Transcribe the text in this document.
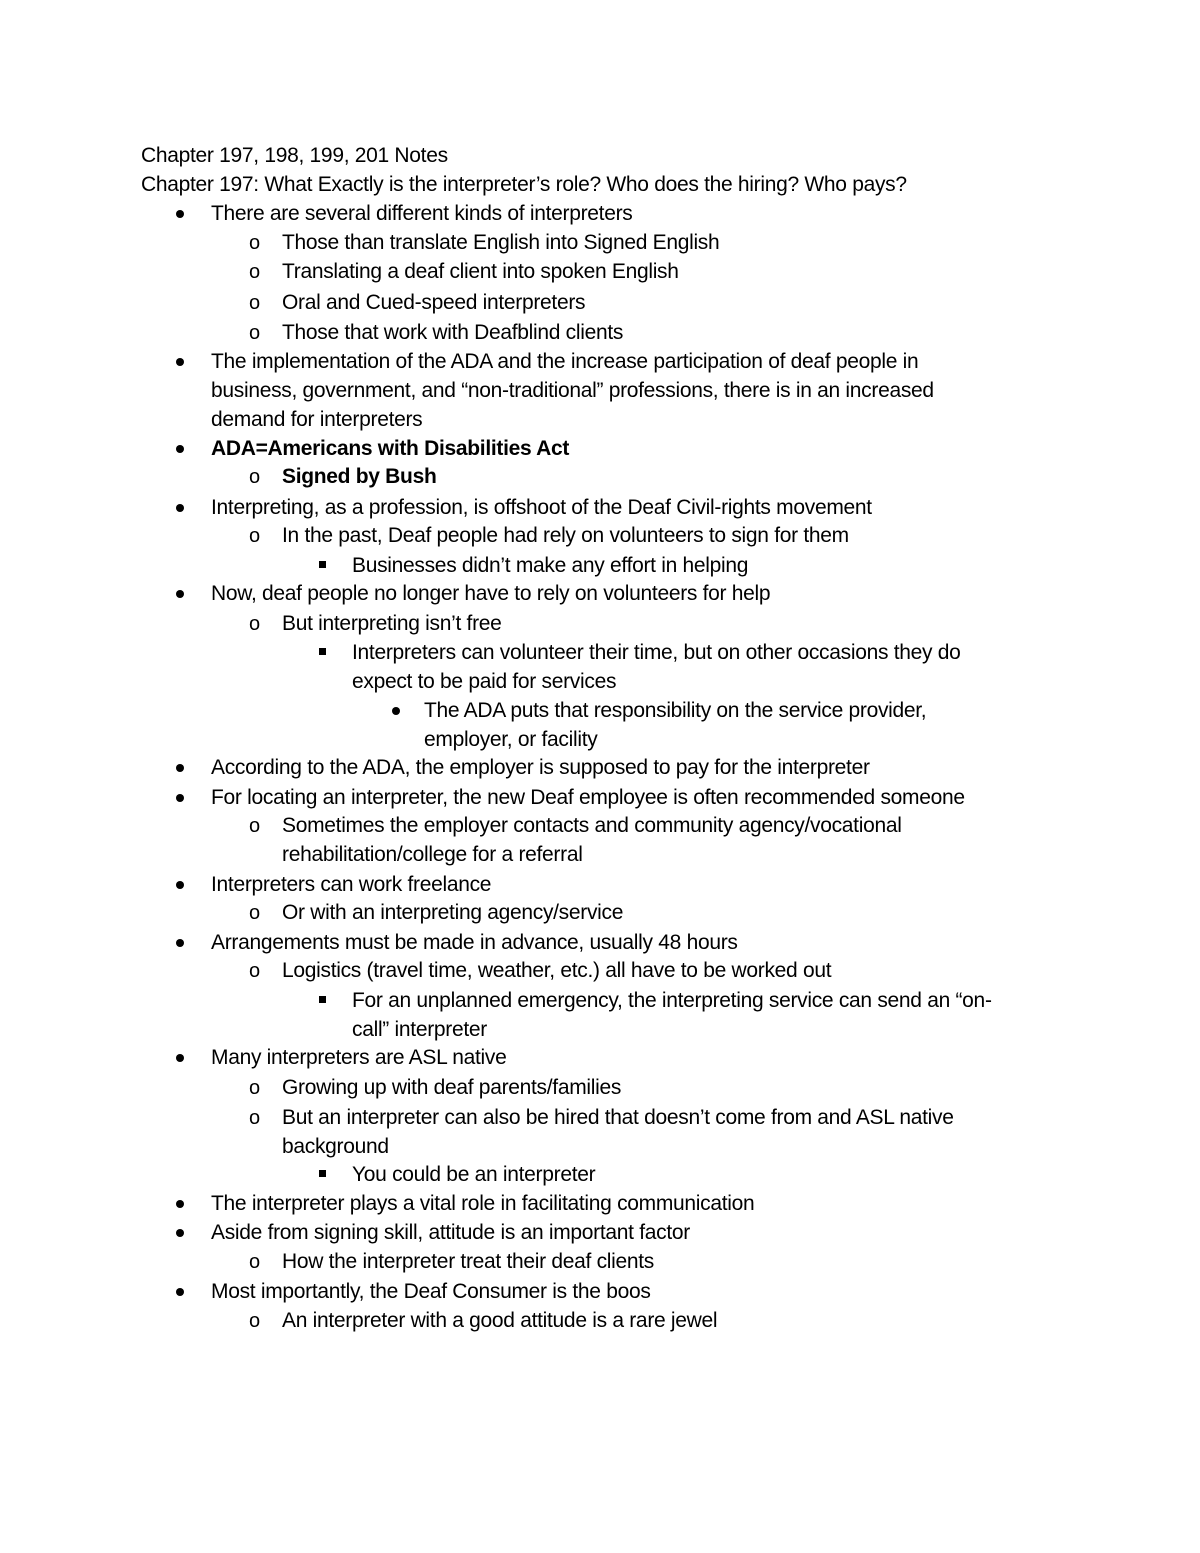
Chapter 197, 198, 199, 201 Notes
Chapter 197: What Exactly is the interpreter’s role? Who does the hiring? Who pays?
There are several different kinds of interpreters
o Those than translate English into Signed English
o Translating a deaf client into spoken English
o Oral and Cued-speed interpreters
o Those that work with Deafblind clients
The implementation of the ADA and the increase participation of deaf people in
business, government, and “non-traditional” professions, there is in an increased
demand for interpreters
ADA=Americans with Disabilities Act
o Signed by Bush
Interpreting, as a profession, is offshoot of the Deaf Civil-rights movement
o In the past, Deaf people had rely on volunteers to sign for them
Businesses didn’t make any effort in helping
Now, deaf people no longer have to rely on volunteers for help
o But interpreting isn’t free
Interpreters can volunteer their time, but on other occasions they do
expect to be paid for services
The ADA puts that responsibility on the service provider,
employer, or facility
According to the ADA, the employer is supposed to pay for the interpreter
For locating an interpreter, the new Deaf employee is often recommended someone
o Sometimes the employer contacts and community agency/vocational
rehabilitation/college for a referral
Interpreters can work freelance
o Or with an interpreting agency/service
Arrangements must be made in advance, usually 48 hours
o Logistics (travel time, weather, etc.) all have to be worked out
For an unplanned emergency, the interpreting service can send an “on-
call” interpreter
Many interpreters are ASL native
o Growing up with deaf parents/families
o But an interpreter can also be hired that doesn’t come from and ASL native
background
You could be an interpreter
The interpreter plays a vital role in facilitating communication
Aside from signing skill, attitude is an important factor
o How the interpreter treat their deaf clients
Most importantly, the Deaf Consumer is the boos
o An interpreter with a good attitude is a rare jewel
